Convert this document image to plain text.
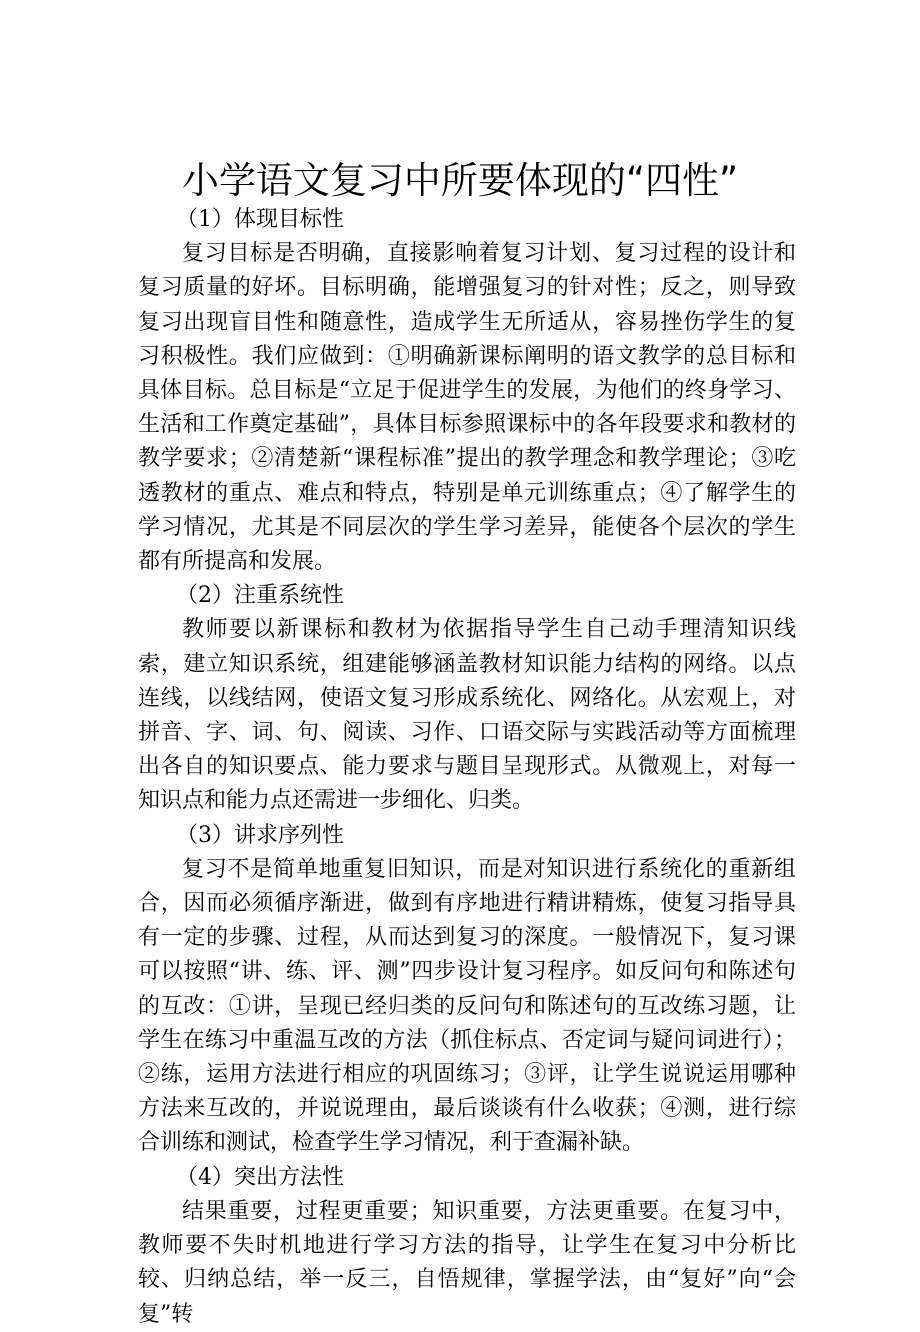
小学语文复习中所要体现的“四性”

（1）体现目标性

复习目标是否明确，直接影响着复习计划、复习过程的设计和复习质量的好坏。目标明确，能增强复习的针对性；反之，则导致复习出现盲目性和随意性，造成学生无所适从，容易挫伤学生的复习积极性。我们应做到：①明确新课标阐明的语文教学的总目标和具体目标。总目标是“立足于促进学生的发展，为他们的终身学习、生活和工作奠定基础”，具体目标参照课标中的各年段要求和教材的教学要求；②清楚新“课程标准”提出的教学理念和教学理论；③吃透教材的重点、难点和特点，特别是单元训练重点；④了解学生的学习情况，尤其是不同层次的学生学习差异，能使各个层次的学生都有所提高和发展。

（2）注重系统性

教师要以新课标和教材为依据指导学生自己动手理清知识线索，建立知识系统，组建能够涵盖教材知识能力结构的网络。以点连线，以线结网，使语文复习形成系统化、网络化。从宏观上，对拼音、字、词、句、阅读、习作、口语交际与实践活动等方面梳理出各自的知识要点、能力要求与题目呈现形式。从微观上，对每一知识点和能力点还需进一步细化、归类。

（3）讲求序列性

复习不是简单地重复旧知识，而是对知识进行系统化的重新组合，因而必须循序渐进，做到有序地进行精讲精炼，使复习指导具有一定的步骤、过程，从而达到复习的深度。一般情况下，复习课可以按照“讲、练、评、测”四步设计复习程序。如反问句和陈述句的互改：①讲，呈现已经归类的反问句和陈述句的互改练习题，让学生在练习中重温互改的方法（抓住标点、否定词与疑问词进行）；②练，运用方法进行相应的巩固练习；③评，让学生说说运用哪种方法来互改的，并说说理由，最后谈谈有什么收获；④测，进行综合训练和测试，检查学生学习情况，利于查漏补缺。

（4）突出方法性

结果重要，过程更重要；知识重要，方法更重要。在复习中，教师要不失时机地进行学习方法的指导，让学生在复习中分析比较、归纳总结，举一反三，自悟规律，掌握学法，由“复好”向“会复”转
